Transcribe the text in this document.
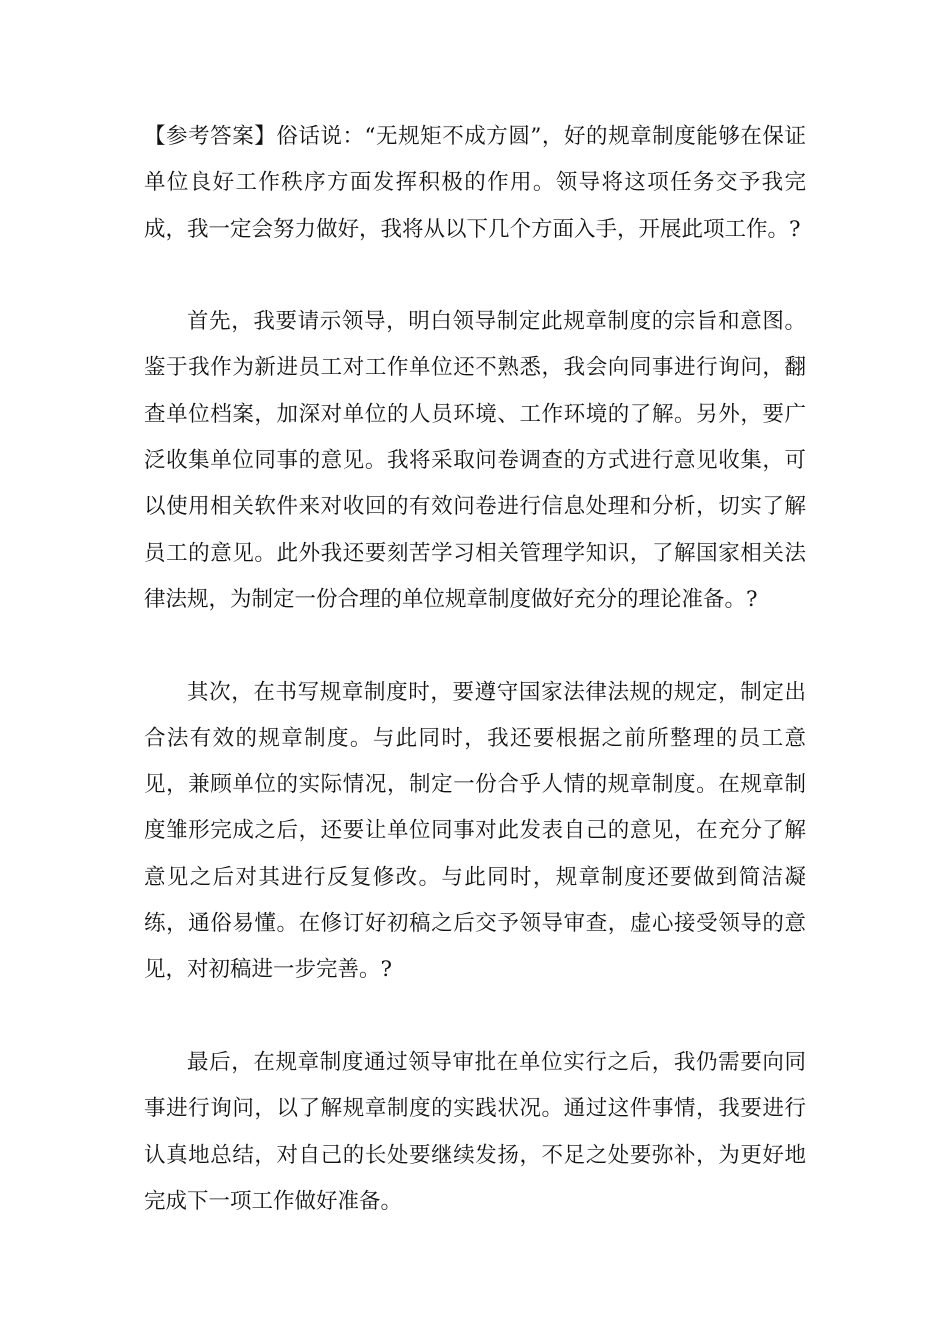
【参考答案】俗话说：“无规矩不成方圆”，好的规章制度能够在保证单位良好工作秩序方面发挥积极的作用。领导将这项任务交予我完成，我一定会努力做好，我将从以下几个方面入手，开展此项工作。?

首先，我要请示领导，明白领导制定此规章制度的宗旨和意图。鉴于我作为新进员工对工作单位还不熟悉，我会向同事进行询问，翻查单位档案，加深对单位的人员环境、工作环境的了解。另外，要广泛收集单位同事的意见。我将采取问卷调查的方式进行意见收集，可以使用相关软件来对收回的有效问卷进行信息处理和分析，切实了解员工的意见。此外我还要刻苦学习相关管理学知识，了解国家相关法律法规，为制定一份合理的单位规章制度做好充分的理论准备。?

其次，在书写规章制度时，要遵守国家法律法规的规定，制定出合法有效的规章制度。与此同时，我还要根据之前所整理的员工意见，兼顾单位的实际情况，制定一份合乎人情的规章制度。在规章制度雏形完成之后，还要让单位同事对此发表自己的意见，在充分了解意见之后对其进行反复修改。与此同时，规章制度还要做到简洁凝练，通俗易懂。在修订好初稿之后交予领导审查，虚心接受领导的意见，对初稿进一步完善。?

最后，在规章制度通过领导审批在单位实行之后，我仍需要向同事进行询问，以了解规章制度的实践状况。通过这件事情，我要进行认真地总结，对自己的长处要继续发扬，不足之处要弥补，为更好地完成下一项工作做好准备。
